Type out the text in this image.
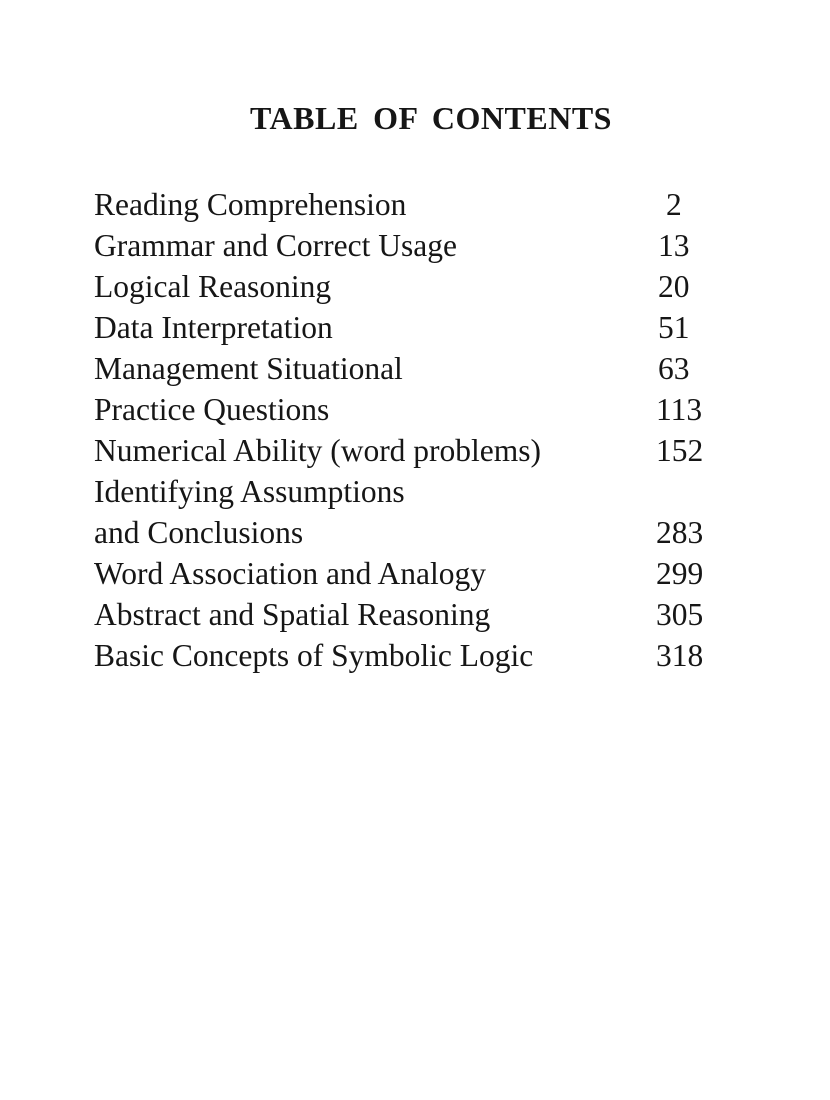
TABLE OF CONTENTS
Reading Comprehension	2
Grammar and Correct Usage	13
Logical Reasoning	20
Data Interpretation	51
Management Situational	63
Practice Questions	113
Numerical Ability (word problems)	152
Identifying Assumptions
and Conclusions	283
Word Association and Analogy	299
Abstract and Spatial Reasoning	305
Basic Concepts of Symbolic Logic	318
